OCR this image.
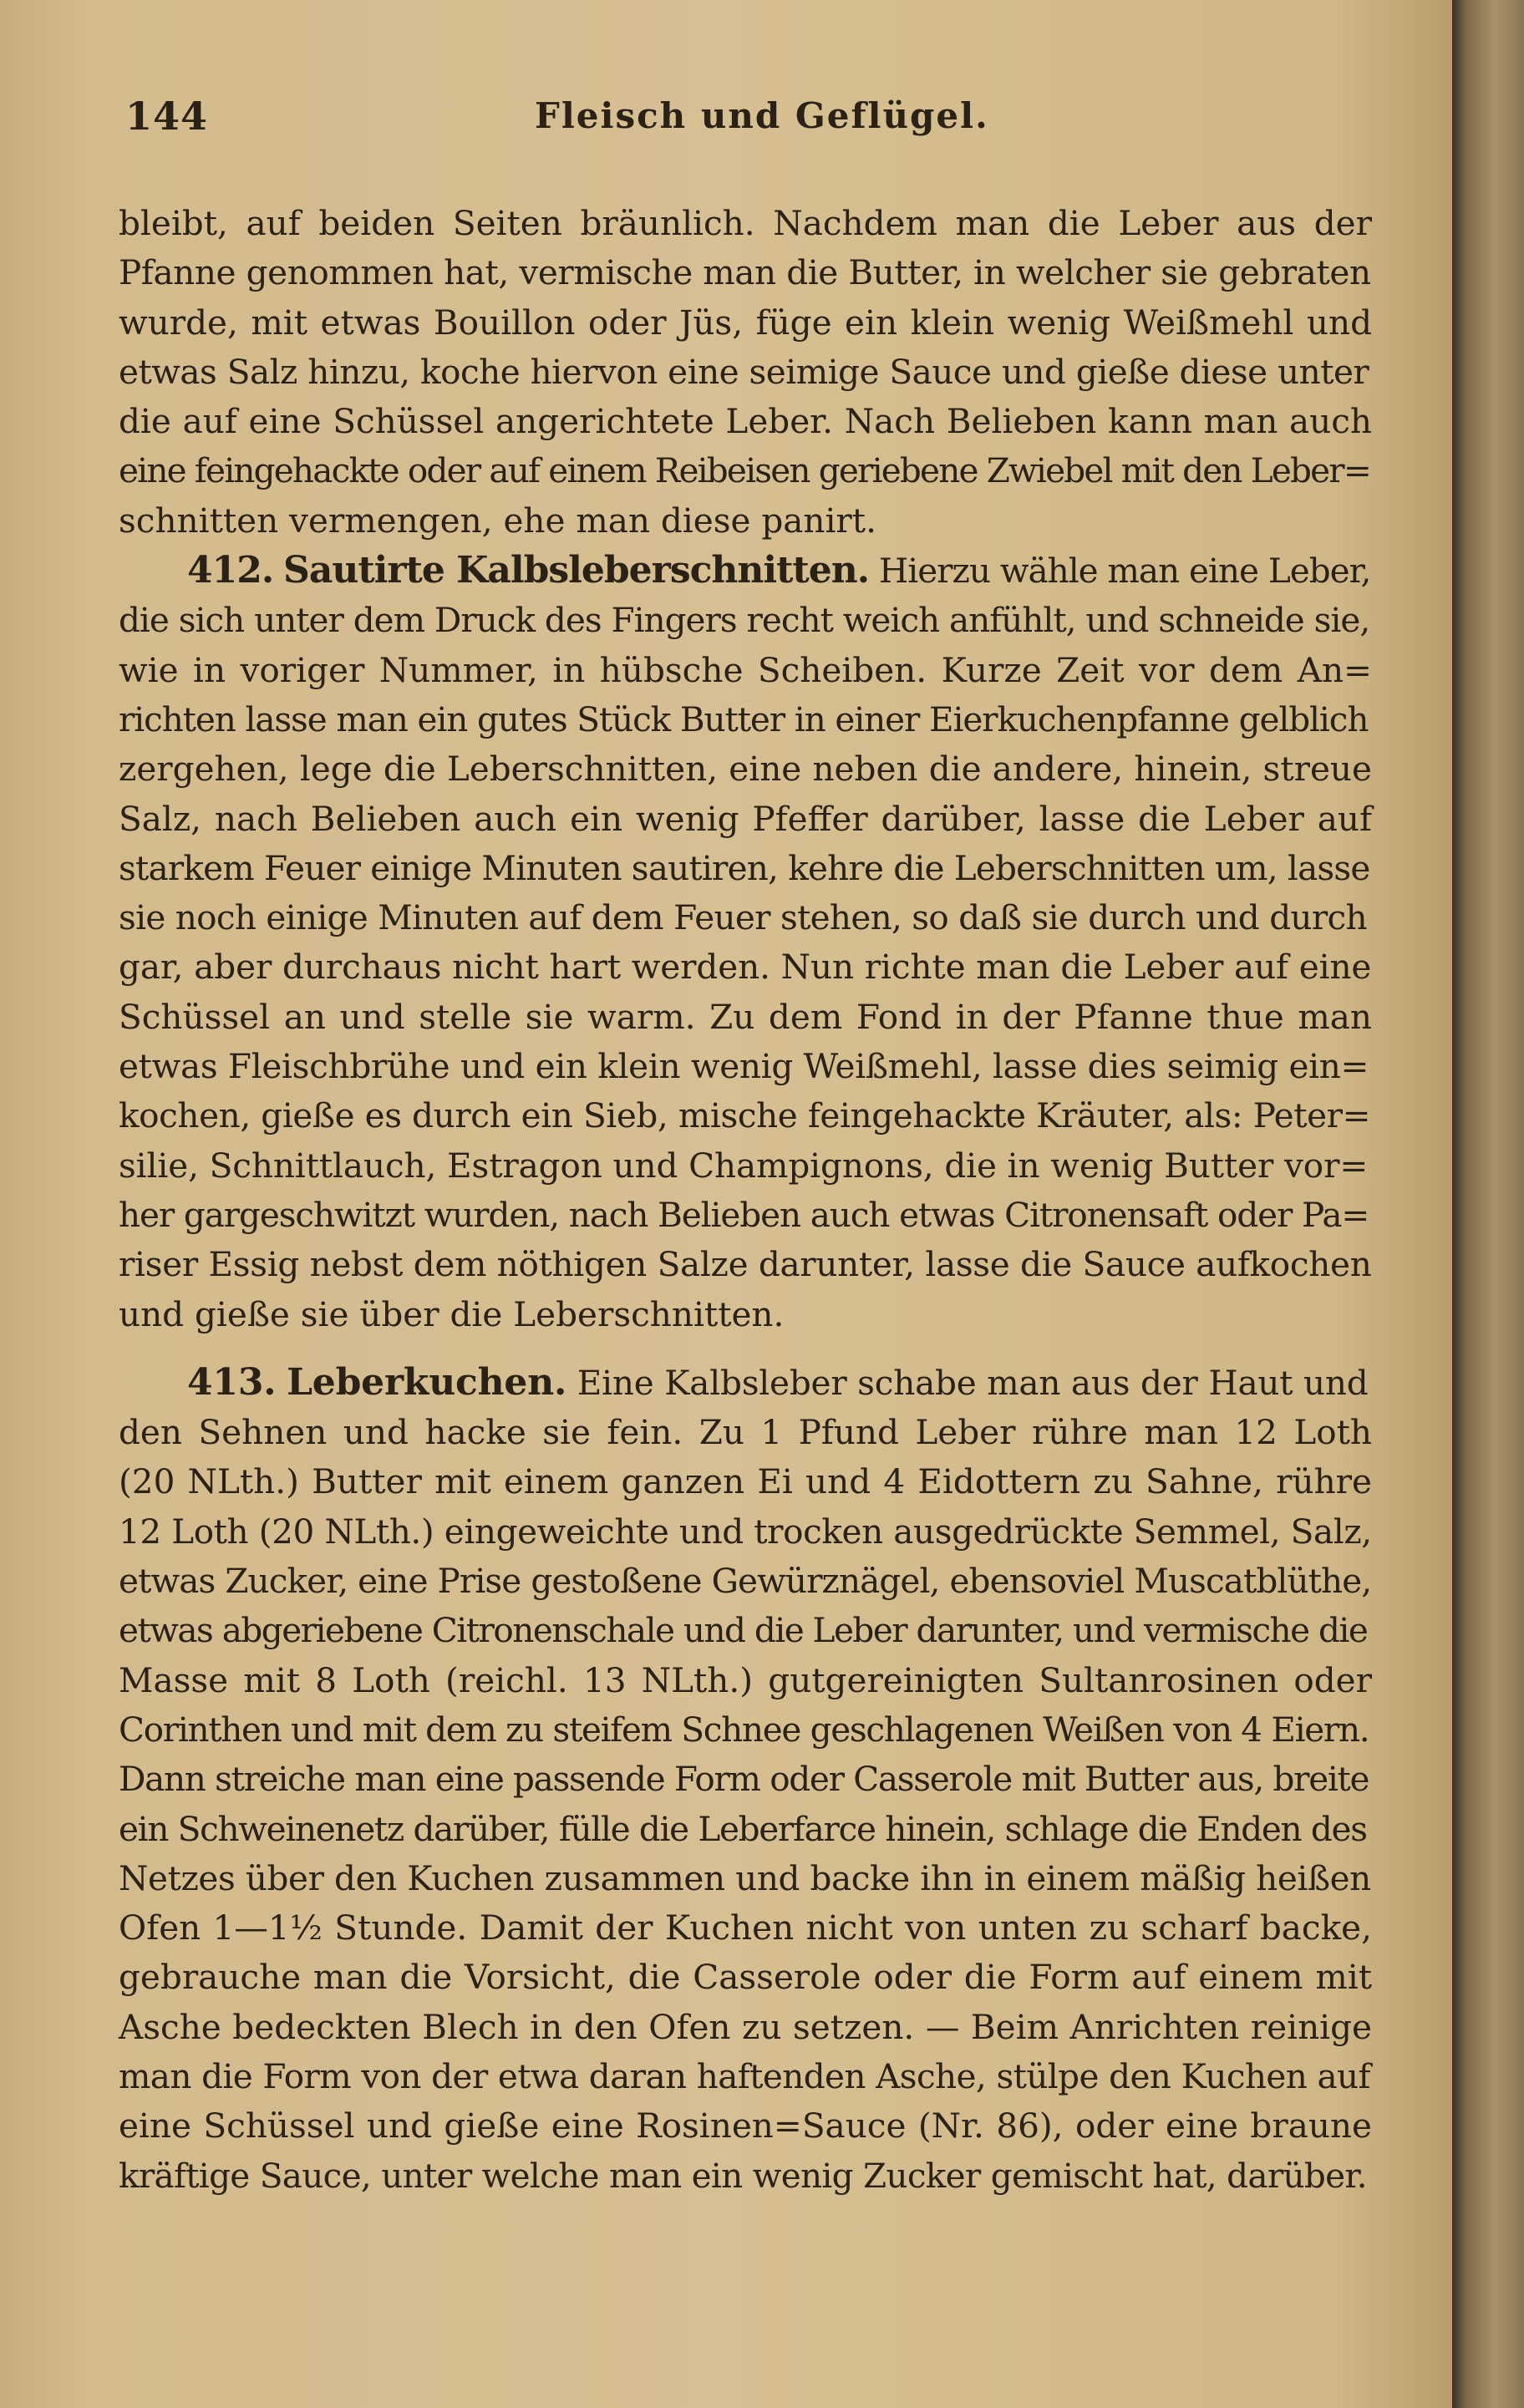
144	Fleisch und Geflügel.
bleibt, auf beiden Seiten bräunlich. Nachdem man die Leber aus der
Pfanne genommen hat, vermische man die Butter, in welcher sie gebraten
wurde, mit etwas Bouillon oder Jüs, füge ein klein wenig Weißmehl und
etwas Salz hinzu, koche hiervon eine seimige Sauce und gieße diese unter
die auf eine Schüssel angerichtete Leber. Nach Belieben kann man auch
eine feingehackte oder auf einem Reibeisen geriebene Zwiebel mit den Leber=
schnitten vermengen, ehe man diese panirt.
412. Sautirte Kalbsleberschnitten. Hierzu wähle man eine Leber,
die sich unter dem Druck des Fingers recht weich anfühlt, und schneide sie,
wie in voriger Nummer, in hübsche Scheiben. Kurze Zeit vor dem An=
richten lasse man ein gutes Stück Butter in einer Eierkuchenpfanne gelblich
zergehen, lege die Leberschnitten, eine neben die andere, hinein, streue
Salz, nach Belieben auch ein wenig Pfeffer darüber, lasse die Leber auf
starkem Feuer einige Minuten sautiren, kehre die Leberschnitten um, lasse
sie noch einige Minuten auf dem Feuer stehen, so daß sie durch und durch
gar, aber durchaus nicht hart werden. Nun richte man die Leber auf eine
Schüssel an und stelle sie warm. Zu dem Fond in der Pfanne thue man
etwas Fleischbrühe und ein klein wenig Weißmehl, lasse dies seimig ein=
kochen, gieße es durch ein Sieb, mische feingehackte Kräuter, als: Peter=
silie, Schnittlauch, Estragon und Champignons, die in wenig Butter vor=
her gargeschwitzt wurden, nach Belieben auch etwas Citronensaft oder Pa=
riser Essig nebst dem nöthigen Salze darunter, lasse die Sauce aufkochen
und gieße sie über die Leberschnitten.
413. Leberkuchen. Eine Kalbsleber schabe man aus der Haut und
den Sehnen und hacke sie fein. Zu 1 Pfund Leber rühre man 12 Loth
(20 NLth.) Butter mit einem ganzen Ei und 4 Eidottern zu Sahne, rühre
12 Loth (20 NLth.) eingeweichte und trocken ausgedrückte Semmel, Salz,
etwas Zucker, eine Prise gestoßene Gewürznägel, ebensoviel Muscatblüthe,
etwas abgeriebene Citronenschale und die Leber darunter, und vermische die
Masse mit 8 Loth (reichl. 13 NLth.) gutgereinigten Sultanrosinen oder
Corinthen und mit dem zu steifem Schnee geschlagenen Weißen von 4 Eiern.
Dann streiche man eine passende Form oder Casserole mit Butter aus, breite
ein Schweinenetz darüber, fülle die Leberfarce hinein, schlage die Enden des
Netzes über den Kuchen zusammen und backe ihn in einem mäßig heißen
Ofen 1—1½ Stunde. Damit der Kuchen nicht von unten zu scharf backe,
gebrauche man die Vorsicht, die Casserole oder die Form auf einem mit
Asche bedeckten Blech in den Ofen zu setzen. — Beim Anrichten reinige
man die Form von der etwa daran haftenden Asche, stülpe den Kuchen auf
eine Schüssel und gieße eine Rosinen=Sauce (Nr. 86), oder eine braune
kräftige Sauce, unter welche man ein wenig Zucker gemischt hat, darüber.
